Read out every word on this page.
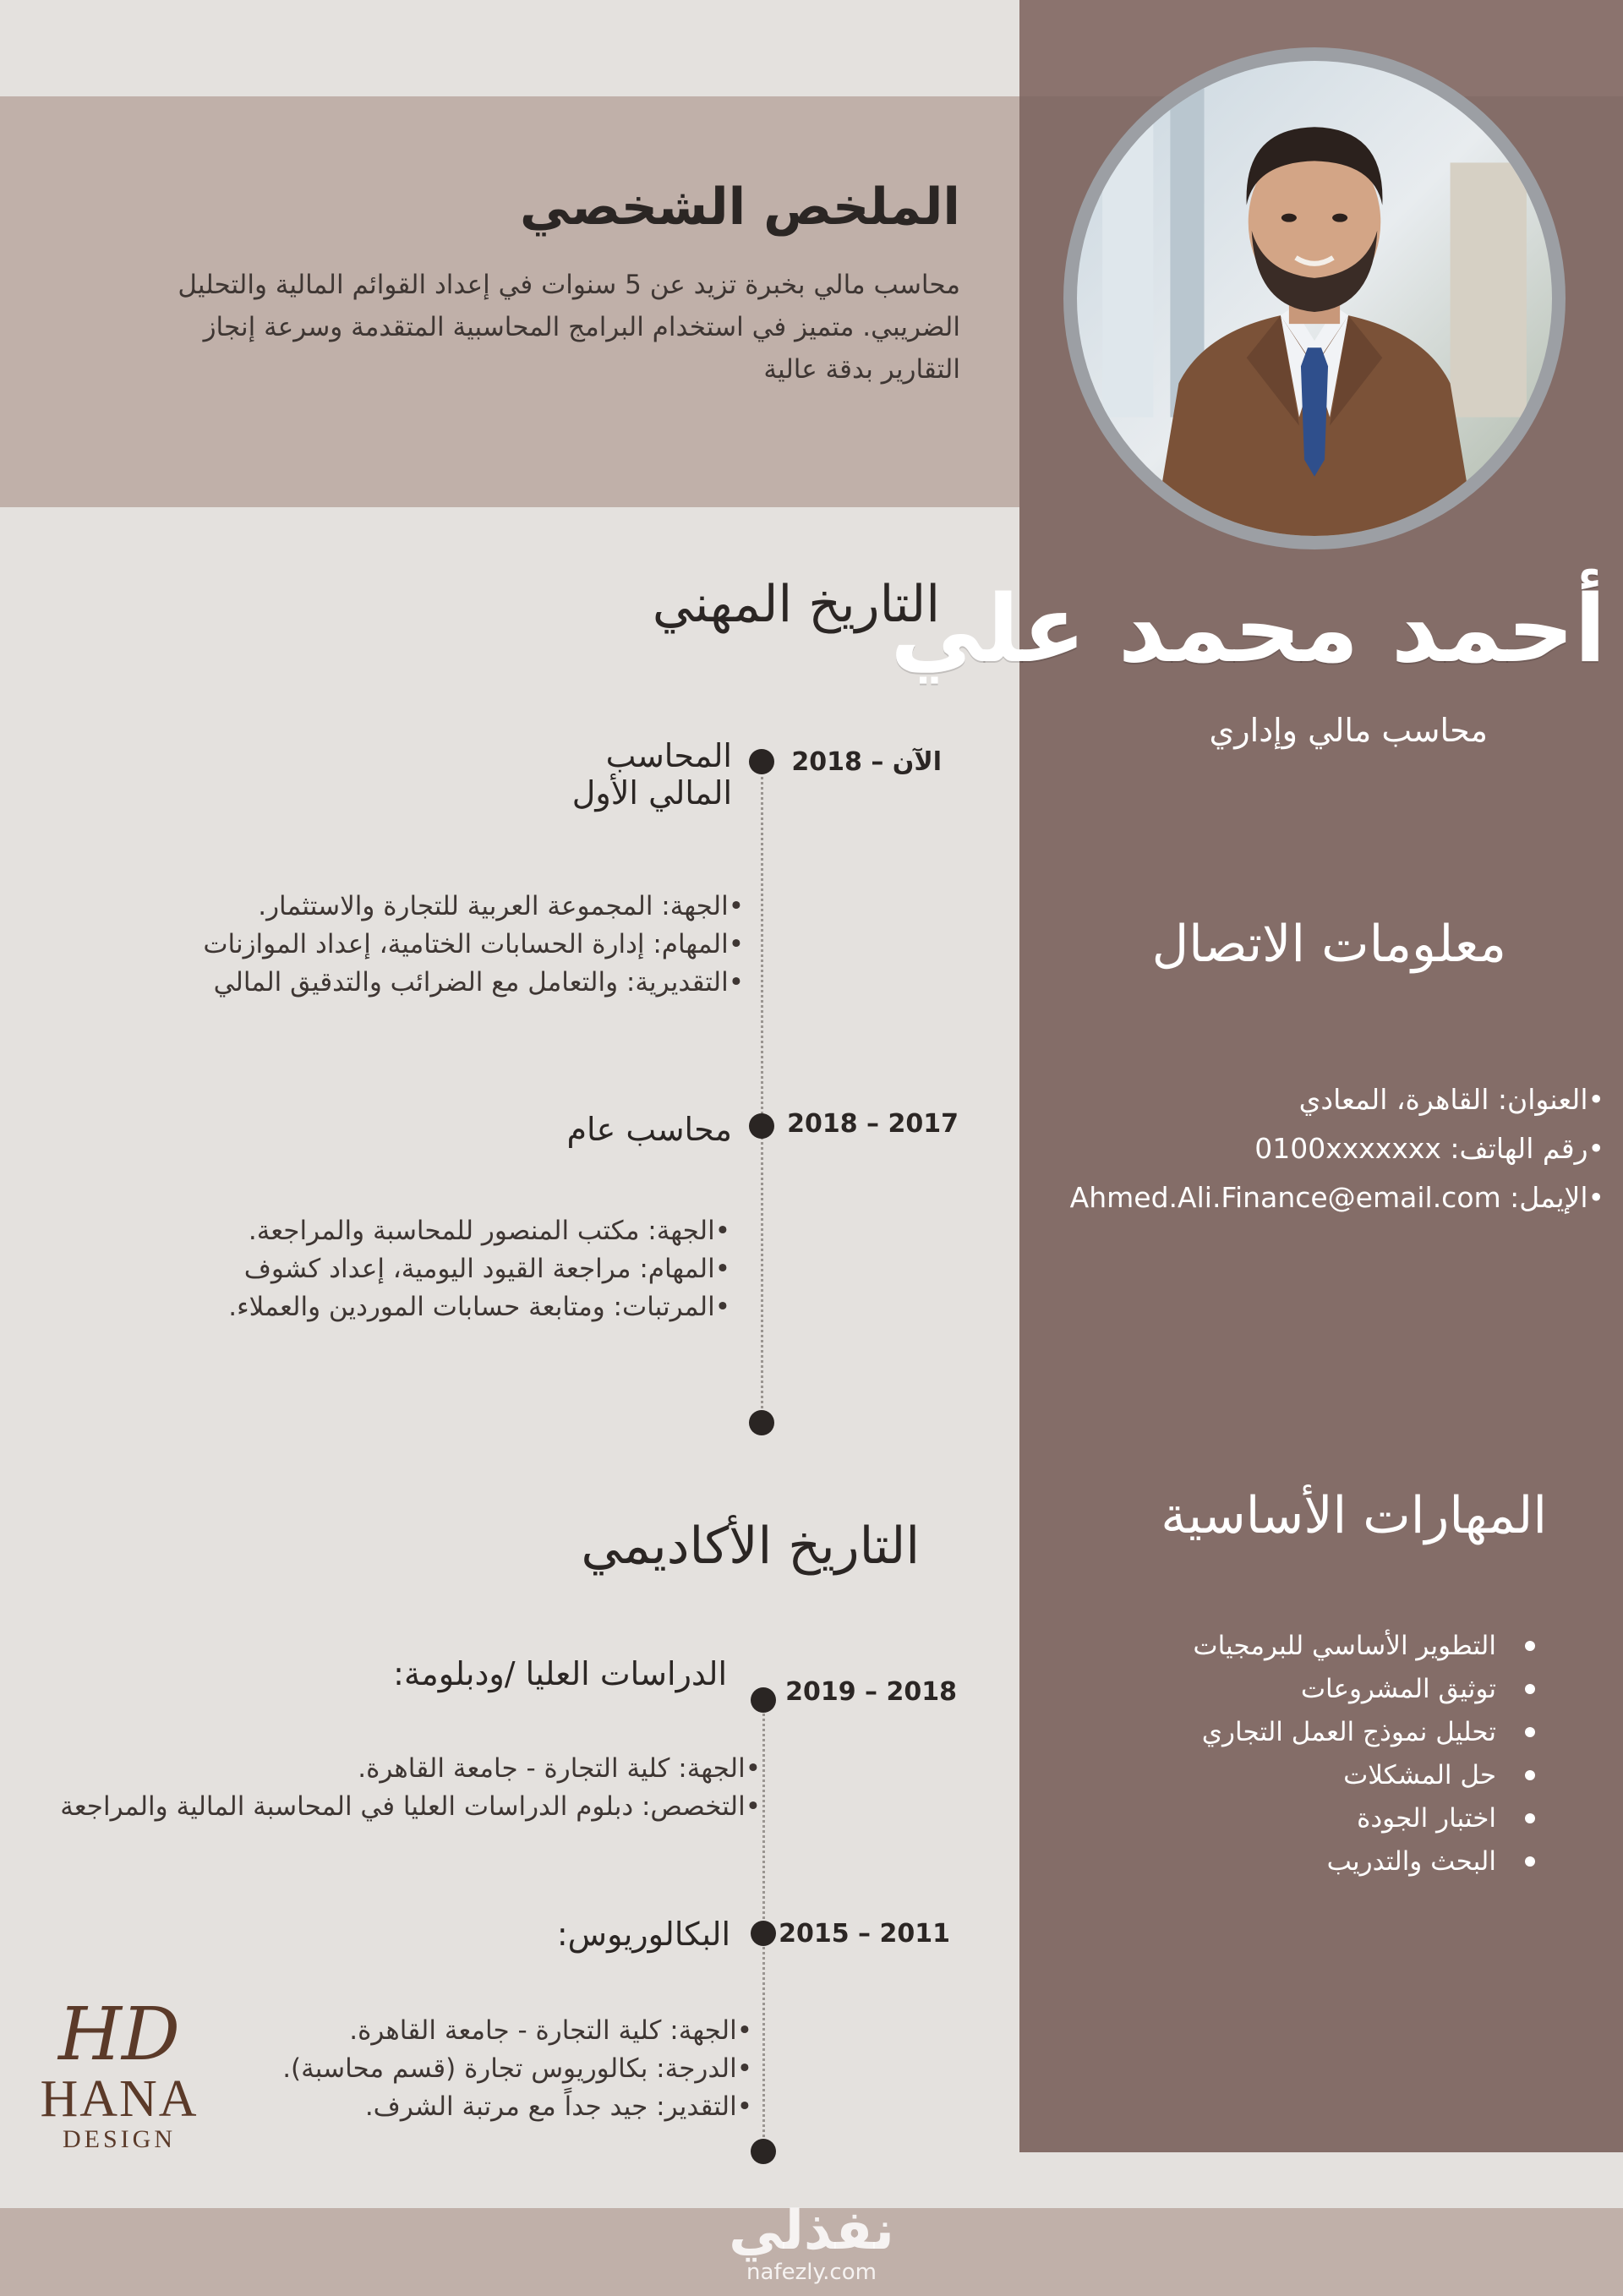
الملخص الشخصي

محاسب مالي بخبرة تزيد عن 5 سنوات في إعداد القوائم المالية والتحليل الضريبي. متميز في استخدام البرامج المحاسبية المتقدمة وسرعة إنجاز التقارير بدقة عالية

أحمد محمد علي

محاسب مالي وإداري

معلومات الاتصال
•العنوان: القاهرة، المعادي
•رقم الهاتف: 0100xxxxxxx
•الإيمل: Ahmed.Ali.Finance@email.com
المهارات الأساسية
التطوير الأساسي للبرمجيات
توثيق المشروعات
تحليل نموذج العمل التجاري
حل المشكلات
اختبار الجودة
البحث والتدريب
التاريخ المهني
الآن – 2018

المحاسب المالي الأول

•الجهة: المجموعة العربية للتجارة والاستثمار.
•المهام: إدارة الحسابات الختامية، إعداد الموازنات
•التقديرية: والتعامل مع الضرائب والتدقيق المالي
2018 – 2017

محاسب عام

•الجهة: مكتب المنصور للمحاسبة والمراجعة.
•المهام: مراجعة القيود اليومية، إعداد كشوف
•المرتبات: ومتابعة حسابات الموردين والعملاء.
التاريخ الأكاديمي
2019 – 2018

الدراسات العليا /ودبلومة:

•الجهة: كلية التجارة - جامعة القاهرة.
•التخصص: دبلوم الدراسات العليا في المحاسبة المالية والمراجعة
2015 – 2011

البكالوريوس:

•الجهة: كلية التجارة - جامعة القاهرة.
•الدرجة: بكالوريوس تجارة (قسم محاسبة).
•التقدير: جيد جداً مع مرتبة الشرف.
HD
HANA
DESIGN
نفذلي
nafezly.com
